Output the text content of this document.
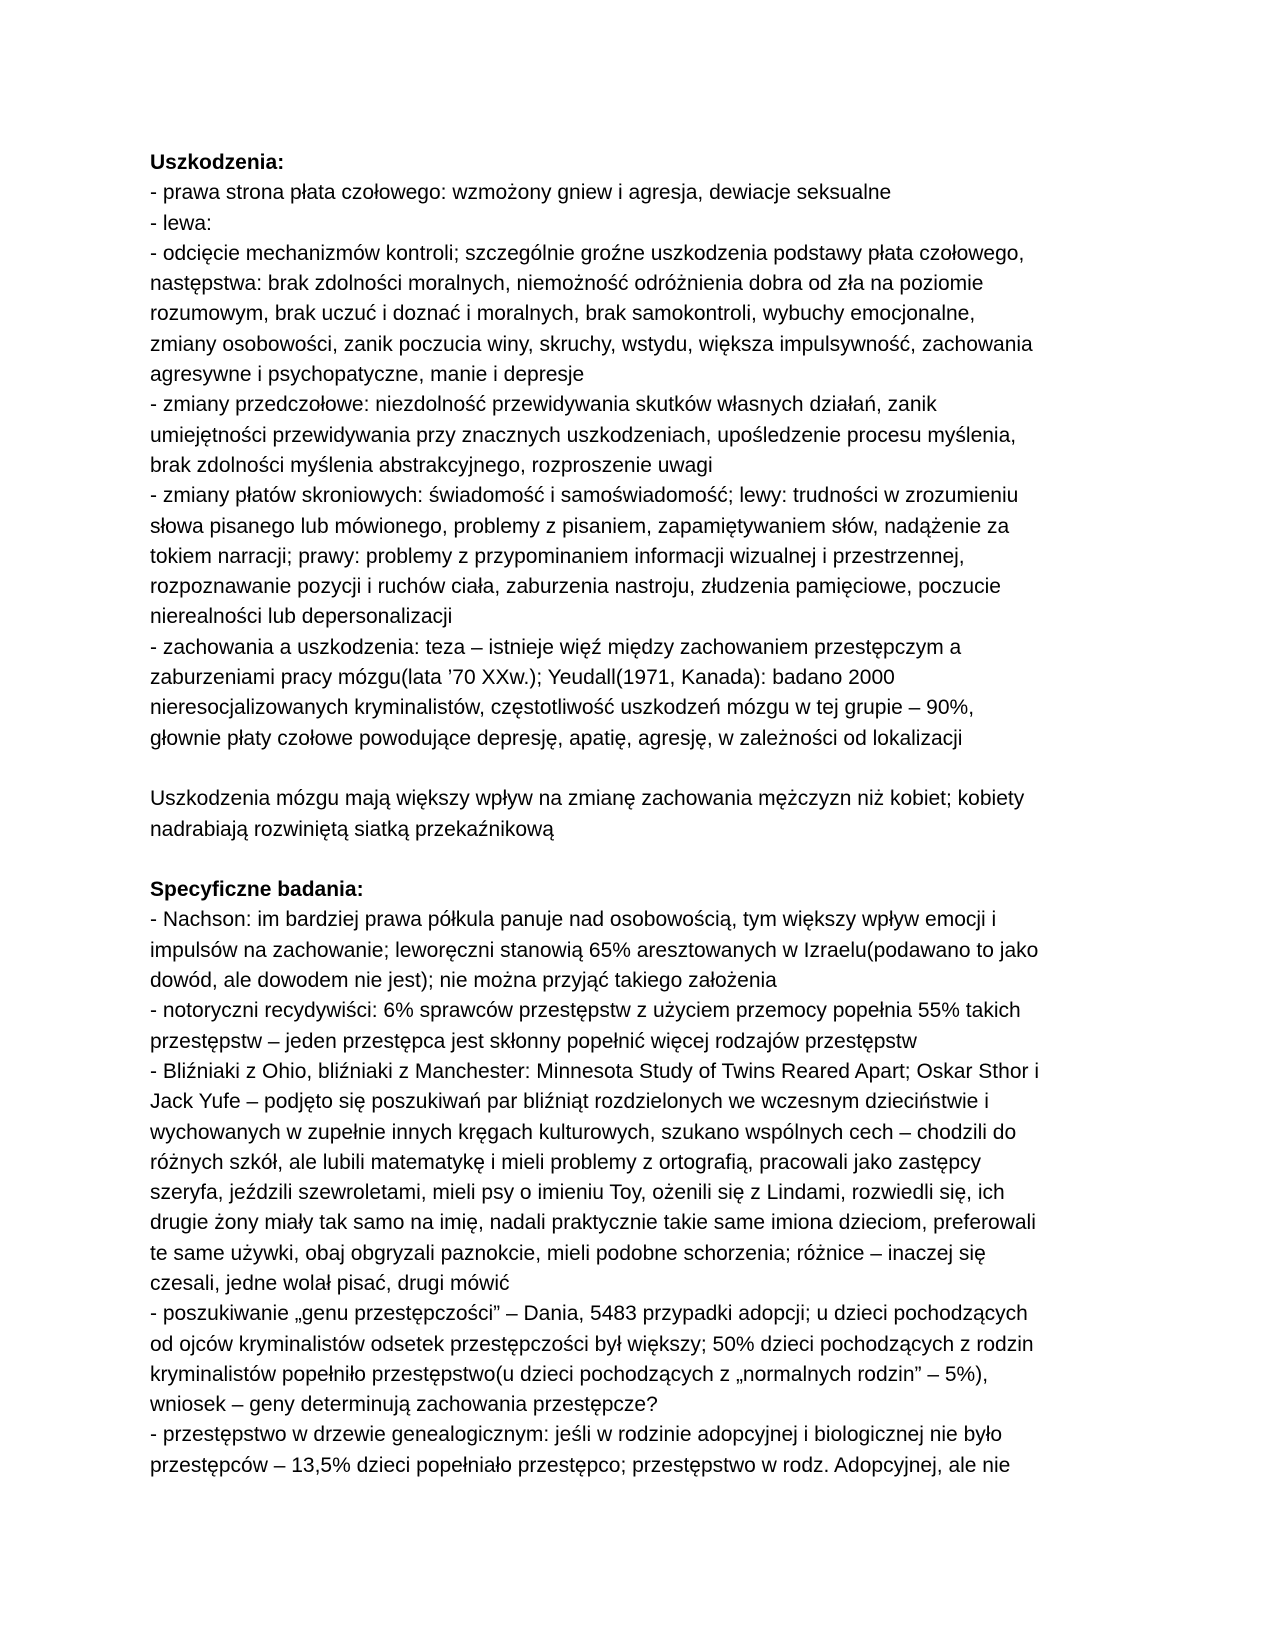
Uszkodzenia:
- prawa strona płata czołowego: wzmożony gniew i agresja, dewiacje seksualne
- lewa:
- odcięcie mechanizmów kontroli; szczególnie groźne uszkodzenia podstawy płata czołowego,
następstwa: brak zdolności moralnych, niemożność odróżnienia dobra od zła na poziomie
rozumowym, brak uczuć i doznać i moralnych, brak samokontroli, wybuchy emocjonalne,
zmiany osobowości, zanik poczucia winy, skruchy, wstydu, większa impulsywność, zachowania
agresywne i psychopatyczne, manie i depresje
- zmiany przedczołowe: niezdolność przewidywania skutków własnych działań, zanik
umiejętności przewidywania przy znacznych uszkodzeniach, upośledzenie procesu myślenia,
brak zdolności myślenia abstrakcyjnego, rozproszenie uwagi
- zmiany płatów skroniowych: świadomość i samoświadomość; lewy: trudności w zrozumieniu
słowa pisanego lub mówionego, problemy z pisaniem, zapamiętywaniem słów, nadążenie za
tokiem narracji; prawy: problemy z przypominaniem informacji wizualnej i przestrzennej,
rozpoznawanie pozycji i ruchów ciała, zaburzenia nastroju, złudzenia pamięciowe, poczucie
nierealności lub depersonalizacji
- zachowania a uszkodzenia: teza – istnieje więź między zachowaniem przestępczym a
zaburzeniami pracy mózgu(lata ’70 XXw.); Yeudall(1971, Kanada): badano 2000
nieresocjalizowanych kryminalistów, częstotliwość uszkodzeń mózgu w tej grupie – 90%,
głownie płaty czołowe powodujące depresję, apatię, agresję, w zależności od lokalizacji
Uszkodzenia mózgu mają większy wpływ na zmianę zachowania mężczyzn niż kobiet; kobiety
nadrabiają rozwiniętą siatką przekaźnikową
Specyficzne badania:
- Nachson: im bardziej prawa półkula panuje nad osobowością, tym większy wpływ emocji i
impulsów na zachowanie; leworęczni stanowią 65% aresztowanych w Izraelu(podawano to jako
dowód, ale dowodem nie jest); nie można przyjąć takiego założenia
- notoryczni recydywiści: 6% sprawców przestępstw z użyciem przemocy popełnia 55% takich
przestępstw – jeden przestępca jest skłonny popełnić więcej rodzajów przestępstw
- Bliźniaki z Ohio, bliźniaki z Manchester: Minnesota Study of Twins Reared Apart; Oskar Sthor i
Jack Yufe – podjęto się poszukiwań par bliźniąt rozdzielonych we wczesnym dzieciństwie i
wychowanych w zupełnie innych kręgach kulturowych, szukano wspólnych cech – chodzili do
różnych szkół, ale lubili matematykę i mieli problemy z ortografią, pracowali jako zastępcy
szeryfa, jeździli szewroletami, mieli psy o imieniu Toy, ożenili się z Lindami, rozwiedli się, ich
drugie żony miały tak samo na imię, nadali praktycznie takie same imiona dzieciom, preferowali
te same używki, obaj obgryzali paznokcie, mieli podobne schorzenia; różnice – inaczej się
czesali, jedne wolał pisać, drugi mówić
- poszukiwanie „genu przestępczości” – Dania, 5483 przypadki adopcji; u dzieci pochodzących
od ojców kryminalistów odsetek przestępczości był większy; 50% dzieci pochodzących z rodzin
kryminalistów popełniło przestępstwo(u dzieci pochodzących z „normalnych rodzin” – 5%),
wniosek – geny determinują zachowania przestępcze?
- przestępstwo w drzewie genealogicznym: jeśli w rodzinie adopcyjnej i biologicznej nie było
przestępców – 13,5% dzieci popełniało przestępco; przestępstwo w rodz. Adopcyjnej, ale nie
